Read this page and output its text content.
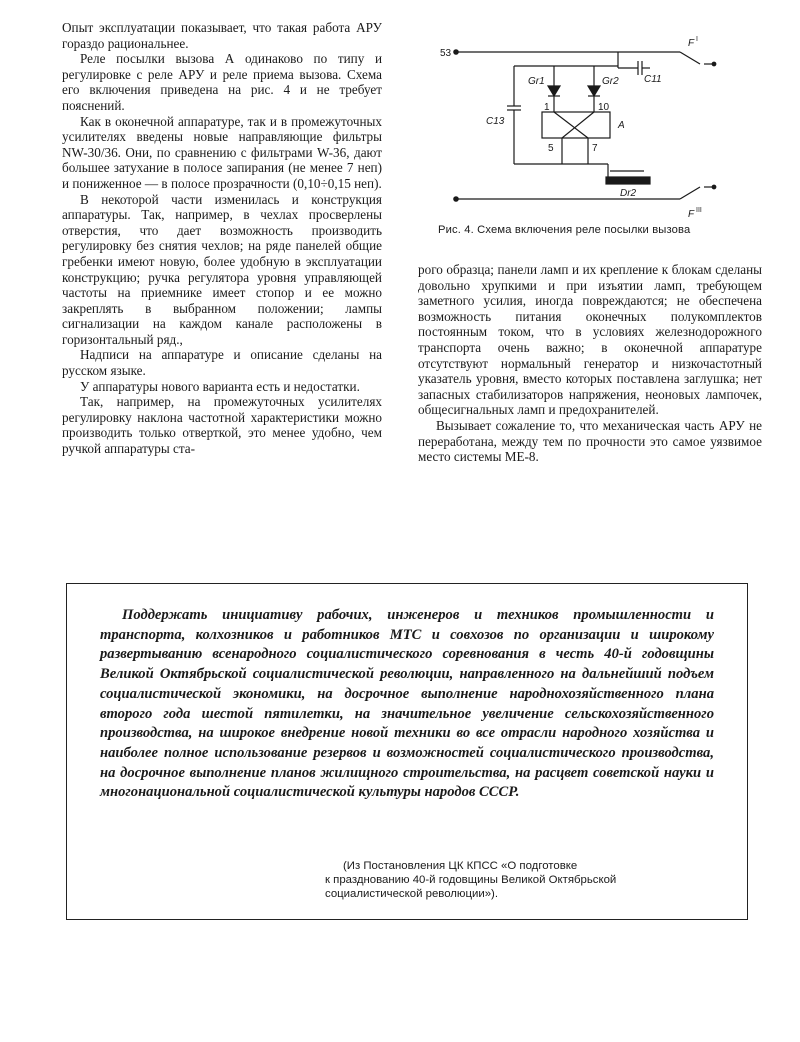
Опыт эксплуатации показывает, что такая работа АРУ гораздо рациональнее.

Реле посылки вызова А одинаково по типу и регулировке с реле АРУ и реле приема вызова. Схема его включения приведена на рис. 4 и не требует пояснений.

Как в оконечной аппаратуре, так и в промежуточных усилителях введены новые направляющие фильтры NW-30/36. Они, по сравнению с фильтрами W-36, дают большее затухание в полосе запирания (не менее 7 неп) и пониженное — в полосе прозрачности (0,10÷0,15 неп).

В некоторой части изменилась и конструкция аппаратуры. Так, например, в чехлах просверлены отверстия, что дает возможность производить регулировку без снятия чехлов; на ряде панелей общие гребенки имеют новую, более удобную в эксплуатации конструкцию; ручка регулятора уровня управляющей частоты на приемнике имеет стопор и ее можно закреплять в выбранном положении; лампы сигнализации на каждом канале расположены в горизонтальный ряд.,

Надписи на аппаратуре и описание сделаны на русском языке.

У аппаратуры нового варианта есть и недостатки.

Так, например, на промежуточных усилителях регулировку наклона частотной характеристики можно производить только отверткой, это менее удобно, чем ручкой аппаратуры ста-

53
F I
F III
C11
C13
Gr1	Gr2
1	10
5	7
A
Dr2
Рис. 4. Схема включения реле посылки вызова

рого образца; панели ламп и их крепление к блокам сделаны довольно хрупкими и при изъятии ламп, требующем заметного усилия, иногда повреждаются; не обеспечена возможность питания оконечных полукомплектов постоянным током, что в условиях железнодорожного транспорта очень важно; в оконечной аппаратуре отсутствуют нормальный генератор и низкочастотный указатель уровня, вместо которых поставлена заглушка; нет запасных стабилизаторов напряжения, неоновых лампочек, общесигнальных ламп и предохранителей.

Вызывает сожаление то, что механическая часть АРУ не переработана, между тем по прочности это самое уязвимое место системы МЕ-8.

Поддержать инициативу рабочих, инженеров и техников промышленности и транспорта, колхозников и работников МТС и совхозов по организации и широкому развертыванию всенародного социалистического соревнования в честь 40-й годовщины Великой Октябрьской социалистической революции, направленного на дальнейший подъем социалистической экономики, на досрочное выполнение народнохозяйственного плана второго года шестой пятилетки, на значительное увеличение сельскохозяйственного производства, на широкое внедрение новой техники во все отрасли народного хозяйства и наиболее полное использование резервов и возможностей социалистического производства, на досрочное выполнение планов жилищного строительства, на расцвет советской науки и многонациональной социалистической культуры народов СССР.

(Из Постановления ЦК КПСС «О подготовке
к празднованию 40-й годовщины Великой Октябрьской
социалистической революции»).
